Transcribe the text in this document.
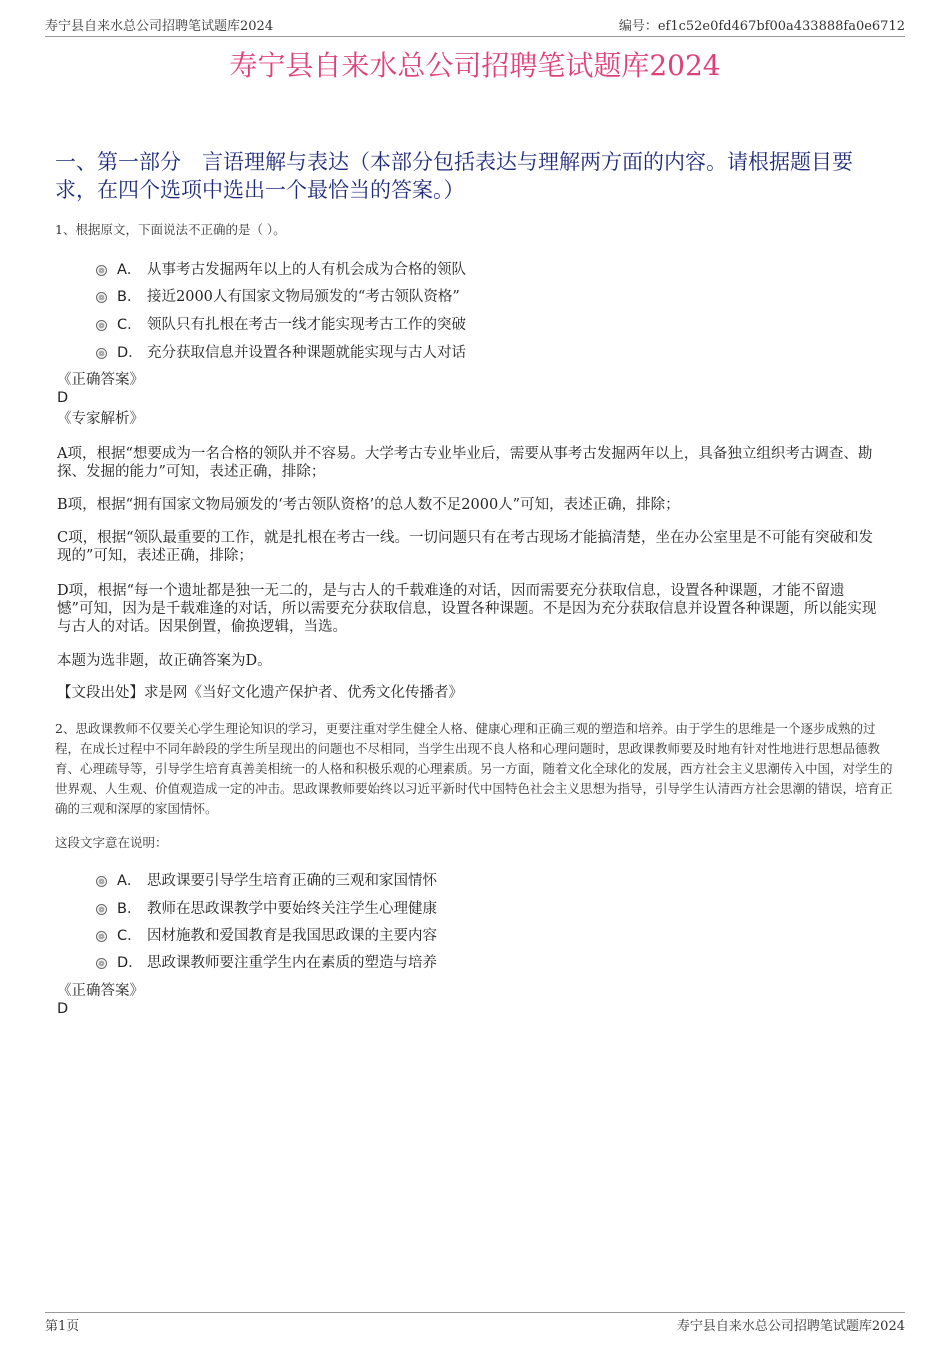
寿宁县自来水总公司招聘笔试题库2024	编号：ef1c52e0fd467bf00a433888fa0e6712
寿宁县自来水总公司招聘笔试题库2024
一、第一部分　言语理解与表达（本部分包括表达与理解两方面的内容。请根据题目要求，在四个选项中选出一个最恰当的答案。）
1、根据原文，下面说法不正确的是（ ）。
A． 从事考古发掘两年以上的人有机会成为合格的领队
B． 接近2000人有国家文物局颁发的“考古领队资格”
C． 领队只有扎根在考古一线才能实现考古工作的突破
D． 充分获取信息并设置各种课题就能实现与古人对话
《正确答案》
D
《专家解析》
A项，根据“想要成为一名合格的领队并不容易。大学考古专业毕业后，需要从事考古发掘两年以上，具备独立组织考古调查、勘探、发掘的能力”可知，表述正确，排除；
B项，根据“拥有国家文物局颁发的‘考古领队资格’的总人数不足2000人”可知，表述正确，排除；
C项，根据“领队最重要的工作，就是扎根在考古一线。一切问题只有在考古现场才能搞清楚，坐在办公室里是不可能有突破和发现的”可知，表述正确，排除；
D项，根据“每一个遗址都是独一无二的，是与古人的千载难逢的对话，因而需要充分获取信息，设置各种课题，才能不留遗憾”可知，因为是千载难逢的对话，所以需要充分获取信息，设置各种课题。不是因为充分获取信息并设置各种课题，所以能实现与古人的对话。因果倒置，偷换逻辑，当选。
本题为选非题，故正确答案为D。
【文段出处】求是网《当好文化遗产保护者、优秀文化传播者》
2、思政课教师不仅要关心学生理论知识的学习，更要注重对学生健全人格、健康心理和正确三观的塑造和培养。由于学生的思维是一个逐步成熟的过程，在成长过程中不同年龄段的学生所呈现出的问题也不尽相同，当学生出现不良人格和心理问题时，思政课教师要及时地有针对性地进行思想品德教育、心理疏导等，引导学生培育真善美相统一的人格和积极乐观的心理素质。另一方面，随着文化全球化的发展，西方社会主义思潮传入中国，对学生的世界观、人生观、价值观造成一定的冲击。思政课教师要始终以习近平新时代中国特色社会主义思想为指导，引导学生认清西方社会思潮的错误，培育正确的三观和深厚的家国情怀。
这段文字意在说明：
A． 思政课要引导学生培育正确的三观和家国情怀
B． 教师在思政课教学中要始终关注学生心理健康
C． 因材施教和爱国教育是我国思政课的主要内容
D． 思政课教师要注重学生内在素质的塑造与培养
《正确答案》
D
第1页	寿宁县自来水总公司招聘笔试题库2024
